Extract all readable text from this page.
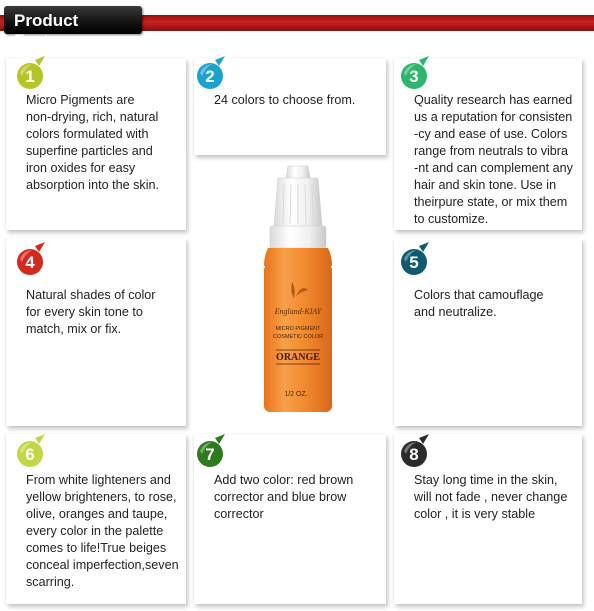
Product Feature
1	2	3
4	5
6	7	8
Micro Pigments are
non-drying, rich, natural
colors formulated with
superfine particles and
iron oxides for easy
absorption into the skin.
24 colors to choose from.	Quality research has earned
us a reputation for consisten
-cy and ease of use. Colors
range from neutrals to vibra
-nt and can complement any
hair and skin tone. Use in
theirpure state, or mix them
to customize.
Natural shades of color
for every skin tone to
match, mix or fix.
Colors that camouflage
and neutralize.
From white lighteners and
yellow brighteners, to rose,
olive, oranges and taupe,
every color in the palette
comes to life!True beiges
conceal imperfection,seven
scarring.
Add two color: red brown
corrector and blue brow
corrector
Stay long time in the skin,
will not fade , never change
color , it is very stable
England-KIAY
MICRO PIGMENT
COSMETIC COLOR
ORANGE
1/2 OZ.
